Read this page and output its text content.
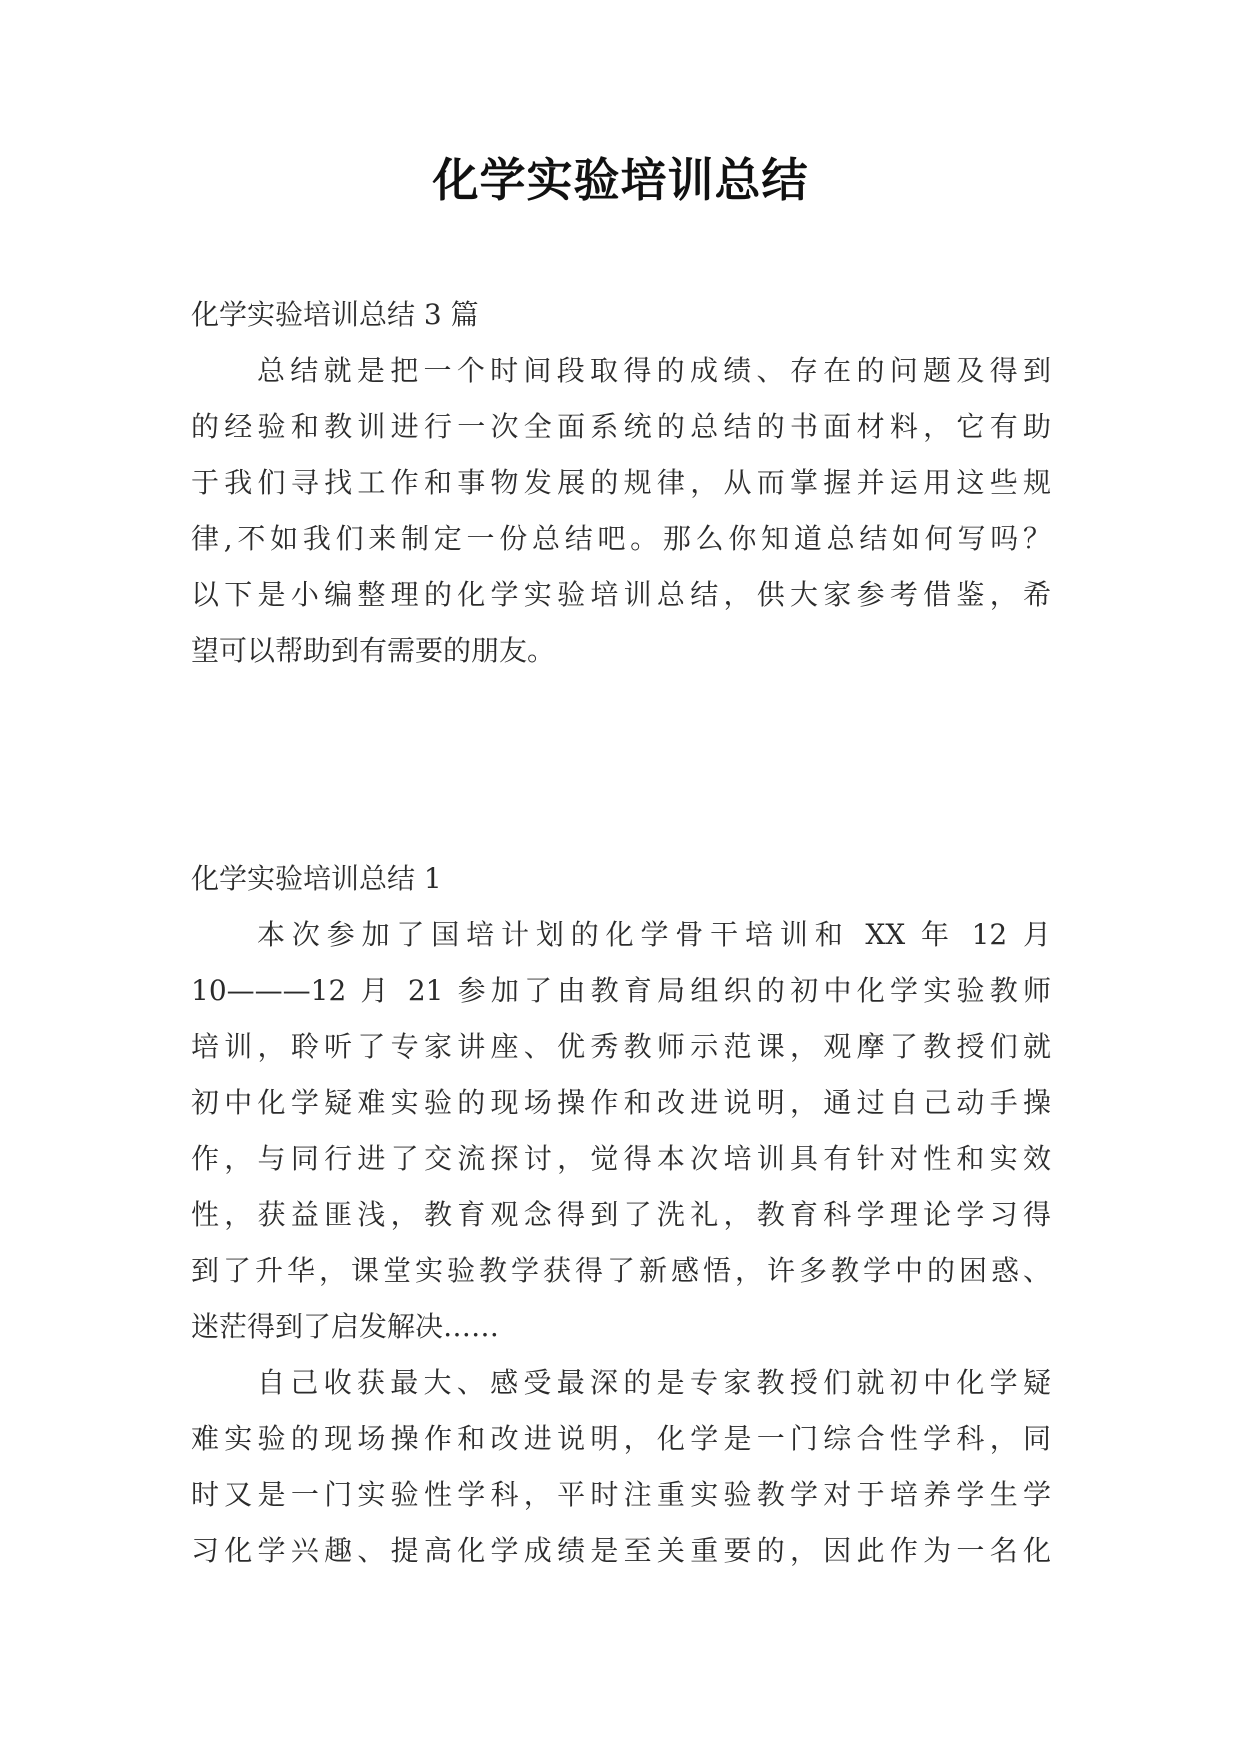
化学实验培训总结
化学实验培训总结 3 篇
总结就是把一个时间段取得的成绩、存在的问题及得到
的经验和教训进行一次全面系统的总结的书面材料，它有助
于我们寻找工作和事物发展的规律，从而掌握并运用这些规
律,不如我们来制定一份总结吧。那么你知道总结如何写吗？
以下是小编整理的化学实验培训总结，供大家参考借鉴，希
望可以帮助到有需要的朋友。
化学实验培训总结 1
本次参加了国培计划的化学骨干培训和 XX 年 12 月
10———12 月 21 参加了由教育局组织的初中化学实验教师
培训，聆听了专家讲座、优秀教师示范课，观摩了教授们就
初中化学疑难实验的现场操作和改进说明，通过自己动手操
作，与同行进了交流探讨，觉得本次培训具有针对性和实效
性，获益匪浅，教育观念得到了洗礼，教育科学理论学习得
到了升华，课堂实验教学获得了新感悟，许多教学中的困惑、
迷茫得到了启发解决……
自己收获最大、感受最深的是专家教授们就初中化学疑
难实验的现场操作和改进说明，化学是一门综合性学科，同
时又是一门实验性学科，平时注重实验教学对于培养学生学
习化学兴趣、提高化学成绩是至关重要的，因此作为一名化
